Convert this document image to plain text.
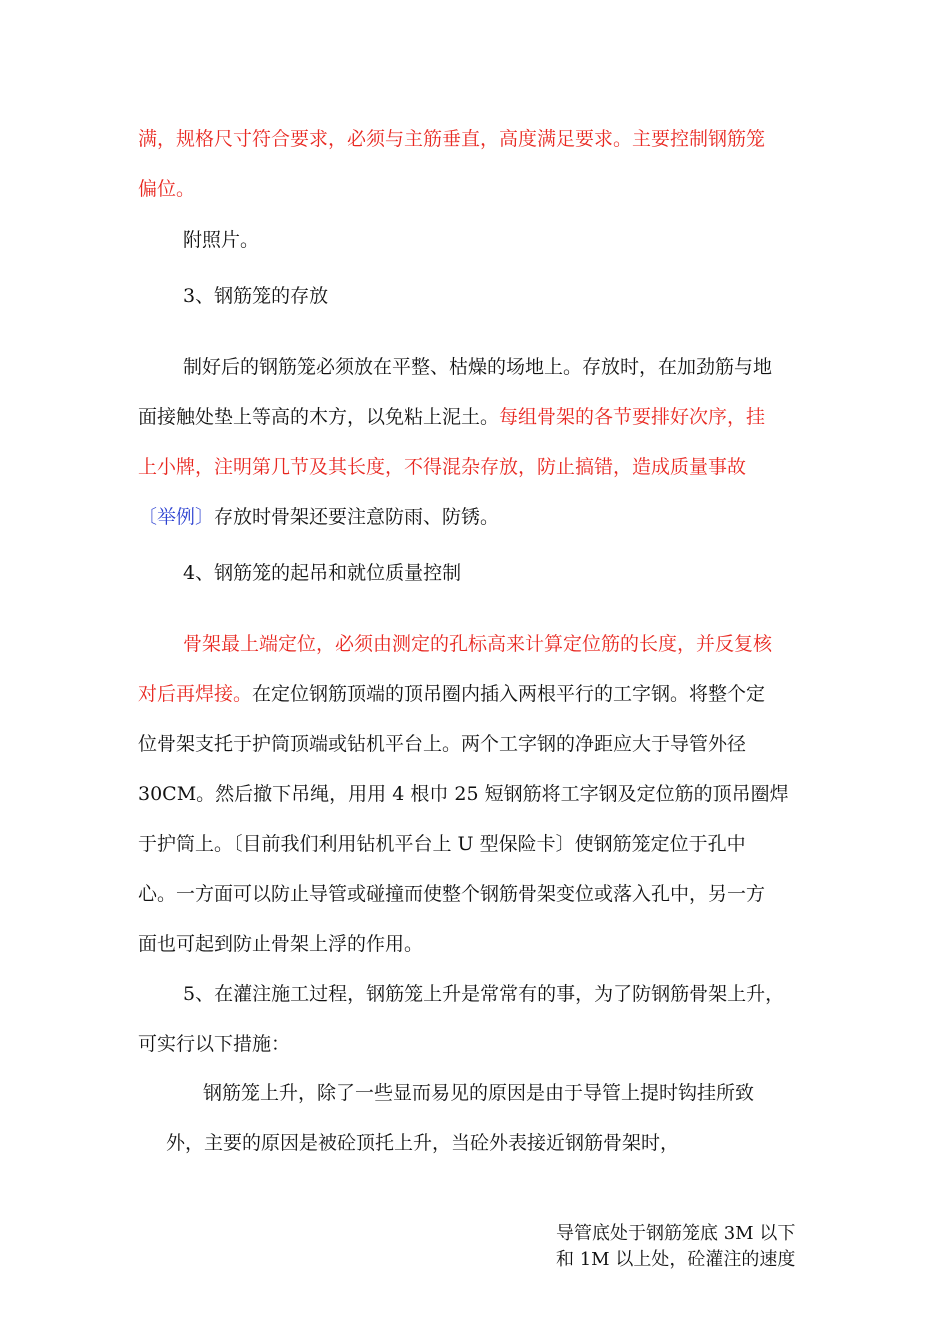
满，规格尺寸符合要求，必须与主筋垂直，高度满足要求。主要控制钢筋笼
偏位。
附照片。
3、钢筋笼的存放
制好后的钢筋笼必须放在平整、枯燥的场地上。存放时，在加劲筋与地
面接触处垫上等高的木方，以免粘上泥土。每组骨架的各节要排好次序，挂
上小牌，注明第几节及其长度，不得混杂存放，防止搞错，造成质量事故
〔举例〕存放时骨架还要注意防雨、防锈。
4、钢筋笼的起吊和就位质量控制
骨架最上端定位，必须由测定的孔标高来计算定位筋的长度，并反复核
对后再焊接。在定位钢筋顶端的顶吊圈内插入两根平行的工字钢。将整个定
位骨架支托于护筒顶端或钻机平台上。两个工字钢的净距应大于导管外径
30CM。然后撤下吊绳，用用 4 根巾 25 短钢筋将工字钢及定位筋的顶吊圈焊
于护筒上。〔目前我们利用钻机平台上 U 型保险卡〕使钢筋笼定位于孔中
心。一方面可以防止导管或碰撞而使整个钢筋骨架变位或落入孔中，另一方
面也可起到防止骨架上浮的作用。
5、在灌注施工过程，钢筋笼上升是常常有的事，为了防钢筋骨架上升，
可实行以下措施：
钢筋笼上升，除了一些显而易见的原因是由于导管上提时钩挂所致
外，主要的原因是被砼顶托上升，当砼外表接近钢筋骨架时，
导管底处于钢筋笼底 3M 以下
和 1M 以上处，砼灌注的速度
